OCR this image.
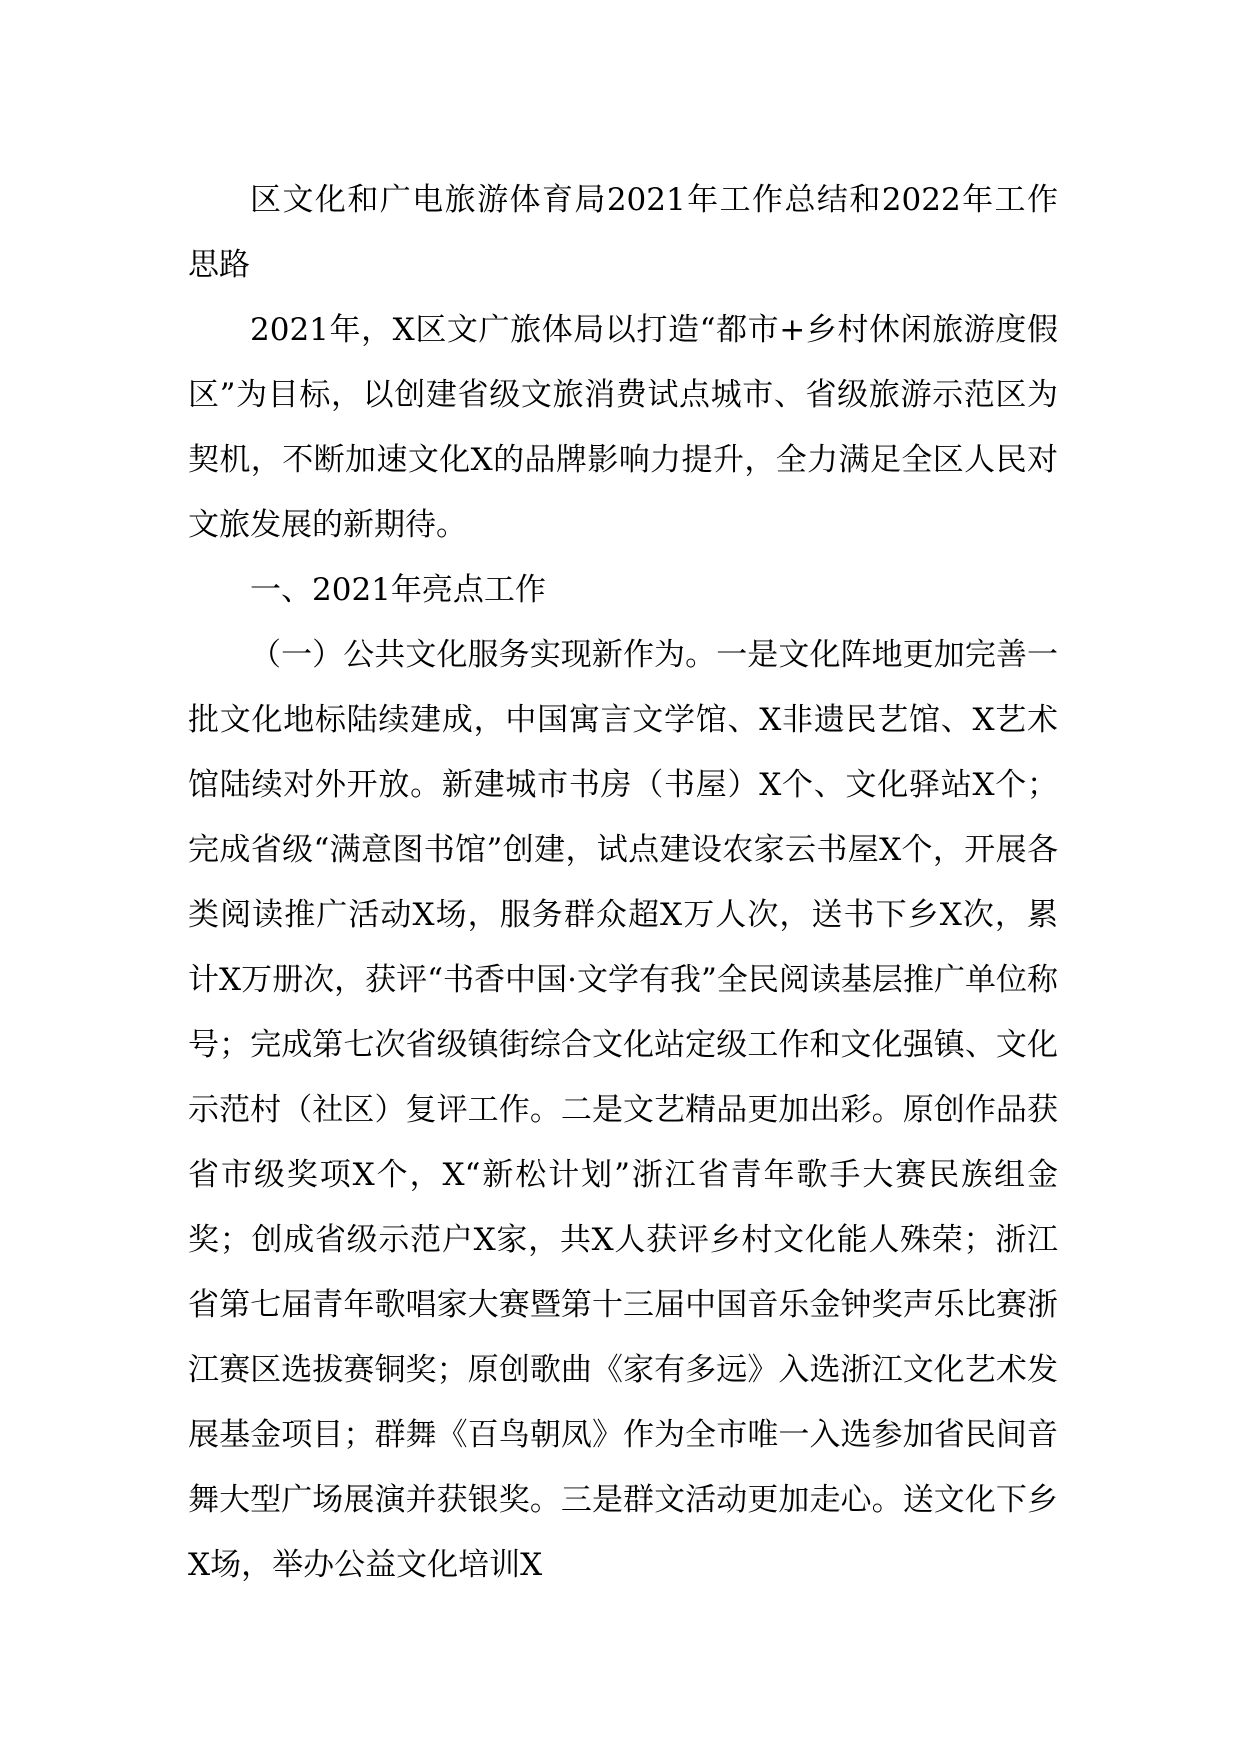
区文化和广电旅游体育局2021年工作总结和2022年工作思路

2021年，X区文广旅体局以打造“都市+乡村休闲旅游度假区”为目标，以创建省级文旅消费试点城市、省级旅游示范区为契机，不断加速文化X的品牌影响力提升，全力满足全区人民对文旅发展的新期待。

一、2021年亮点工作

（一）公共文化服务实现新作为。一是文化阵地更加完善一批文化地标陆续建成，中国寓言文学馆、X非遗民艺馆、X艺术馆陆续对外开放。新建城市书房（书屋）X个、文化驿站X个；完成省级“满意图书馆”创建，试点建设农家云书屋X个，开展各类阅读推广活动X场，服务群众超X万人次，送书下乡X次，累计X万册次，获评“书香中国·文学有我”全民阅读基层推广单位称号；完成第七次省级镇街综合文化站定级工作和文化强镇、文化示范村（社区）复评工作。二是文艺精品更加出彩。原创作品获省市级奖项X个，X“新松计划”浙江省青年歌手大赛民族组金奖；创成省级示范户X家，共X人获评乡村文化能人殊荣；浙江省第七届青年歌唱家大赛暨第十三届中国音乐金钟奖声乐比赛浙江赛区选拔赛铜奖；原创歌曲《家有多远》入选浙江文化艺术发展基金项目；群舞《百鸟朝凤》作为全市唯一入选参加省民间音舞大型广场展演并获银奖。三是群文活动更加走心。送文化下乡X场，举办公益文化培训X
